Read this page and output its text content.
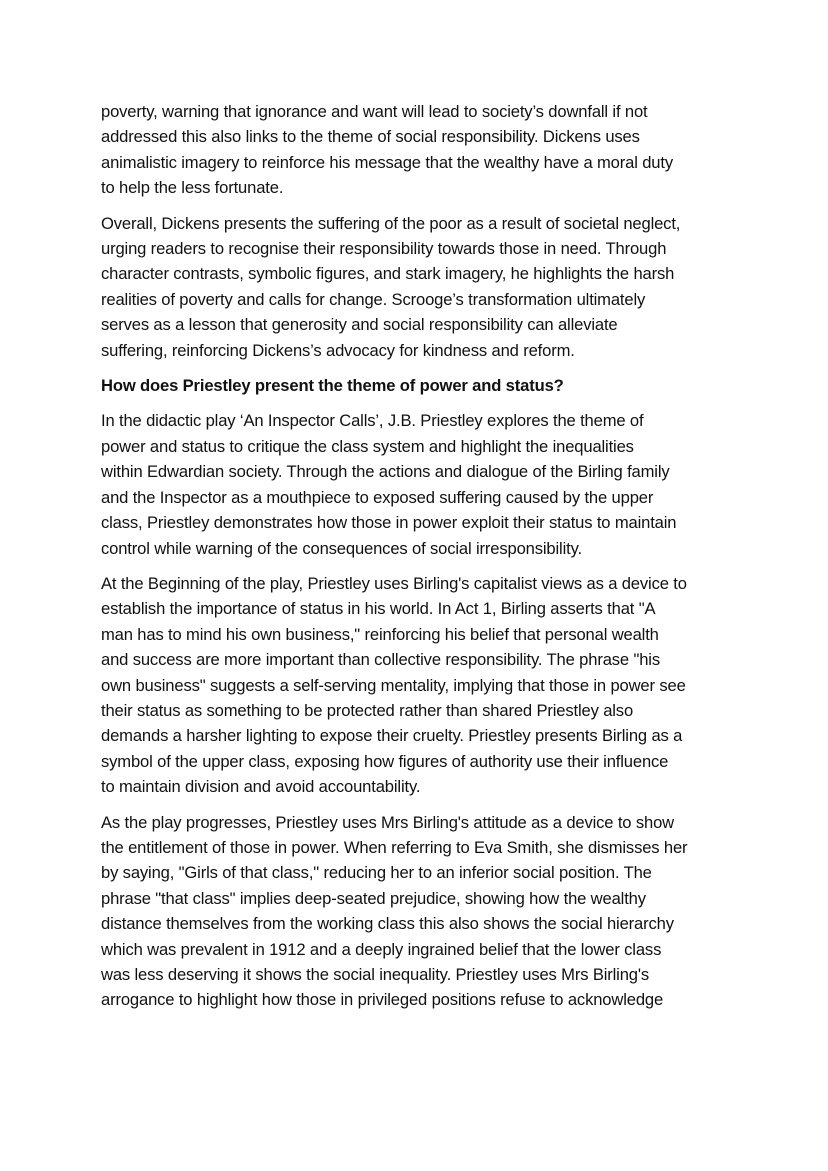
poverty, warning that ignorance and want will lead to society’s downfall if not
addressed this also links to the theme of social responsibility. Dickens uses
animalistic imagery to reinforce his message that the wealthy have a moral duty
to help the less fortunate.
Overall, Dickens presents the suffering of the poor as a result of societal neglect,
urging readers to recognise their responsibility towards those in need. Through
character contrasts, symbolic figures, and stark imagery, he highlights the harsh
realities of poverty and calls for change. Scrooge’s transformation ultimately
serves as a lesson that generosity and social responsibility can alleviate
suffering, reinforcing Dickens’s advocacy for kindness and reform.
How does Priestley present the theme of power and status?
In the didactic play ‘An Inspector Calls’, J.B. Priestley explores the theme of
power and status to critique the class system and highlight the inequalities
within Edwardian society. Through the actions and dialogue of the Birling family
and the Inspector as a mouthpiece to exposed suffering caused by the upper
class, Priestley demonstrates how those in power exploit their status to maintain
control while warning of the consequences of social irresponsibility.
At the Beginning of the play, Priestley uses Birling's capitalist views as a device to
establish the importance of status in his world. In Act 1, Birling asserts that "A
man has to mind his own business," reinforcing his belief that personal wealth
and success are more important than collective responsibility. The phrase "his
own business" suggests a self-serving mentality, implying that those in power see
their status as something to be protected rather than shared Priestley also
demands a harsher lighting to expose their cruelty. Priestley presents Birling as a
symbol of the upper class, exposing how figures of authority use their influence
to maintain division and avoid accountability.
As the play progresses, Priestley uses Mrs Birling's attitude as a device to show
the entitlement of those in power. When referring to Eva Smith, she dismisses her
by saying, "Girls of that class," reducing her to an inferior social position. The
phrase "that class" implies deep-seated prejudice, showing how the wealthy
distance themselves from the working class this also shows the social hierarchy
which was prevalent in 1912 and a deeply ingrained belief that the lower class
was less deserving it shows the social inequality. Priestley uses Mrs Birling's
arrogance to highlight how those in privileged positions refuse to acknowledge
